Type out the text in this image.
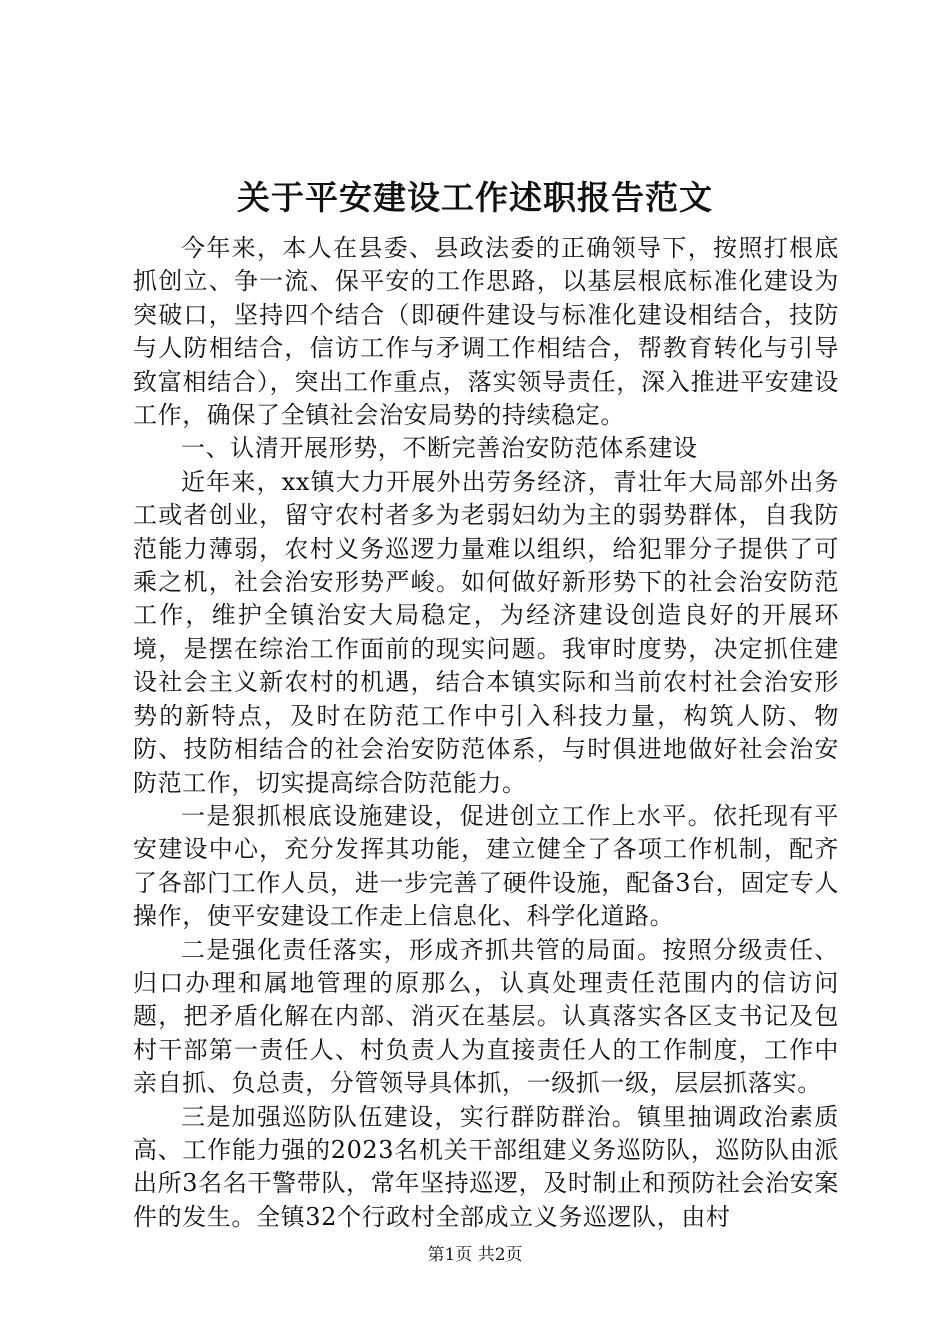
关于平安建设工作述职报告范文

今年来，本人在县委、县政法委的正确领导下，按照打根底抓创立、争一流、保平安的工作思路，以基层根底标准化建设为突破口，坚持四个结合（即硬件建设与标准化建设相结合，技防与人防相结合，信访工作与矛调工作相结合，帮教育转化与引导致富相结合），突出工作重点，落实领导责任，深入推进平安建设工作，确保了全镇社会治安局势的持续稳定。

一、认清开展形势，不断完善治安防范体系建设

近年来，xx镇大力开展外出劳务经济，青壮年大局部外出务工或者创业，留守农村者多为老弱妇幼为主的弱势群体，自我防范能力薄弱，农村义务巡逻力量难以组织，给犯罪分子提供了可乘之机，社会治安形势严峻。如何做好新形势下的社会治安防范工作，维护全镇治安大局稳定，为经济建设创造良好的开展环境，是摆在综治工作面前的现实问题。我审时度势，决定抓住建设社会主义新农村的机遇，结合本镇实际和当前农村社会治安形势的新特点，及时在防范工作中引入科技力量，构筑人防、物防、技防相结合的社会治安防范体系，与时俱进地做好社会治安防范工作，切实提高综合防范能力。

一是狠抓根底设施建设，促进创立工作上水平。依托现有平安建设中心，充分发挥其功能，建立健全了各项工作机制，配齐了各部门工作人员，进一步完善了硬件设施，配备3台，固定专人操作，使平安建设工作走上信息化、科学化道路。

二是强化责任落实，形成齐抓共管的局面。按照分级责任、归口办理和属地管理的原那么，认真处理责任范围内的信访问题，把矛盾化解在内部、消灭在基层。认真落实各区支书记及包村干部第一责任人、村负责人为直接责任人的工作制度，工作中亲自抓、负总责，分管领导具体抓，一级抓一级，层层抓落实。

三是加强巡防队伍建设，实行群防群治。镇里抽调政治素质高、工作能力强的2023名机关干部组建义务巡防队，巡防队由派出所3名名干警带队，常年坚持巡逻，及时制止和预防社会治安案件的发生。全镇32个行政村全部成立义务巡逻队，由村

第1页 共2页
